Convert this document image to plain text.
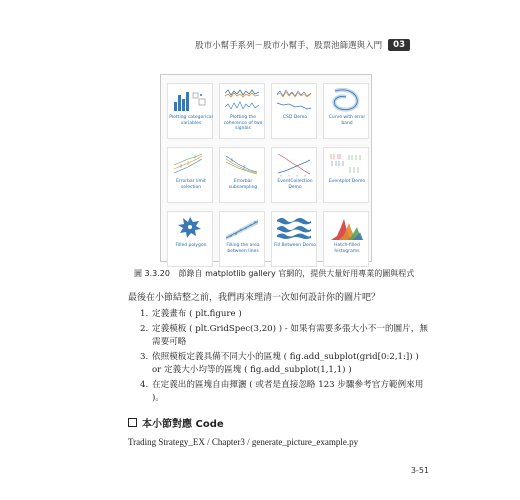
股市小幫手系列－股市小幫手，股票池篩選與入門	03
Plotting categorical variables
Plotting the coherence of two signals
CSD Demo	Curve with error band
Errorbar limit selection
Errorbar subsampling
EventCollection Demo
Eventplot Demo
Filled polygon	Filling the area between lines
Fill Between Demo	Hatch-filled histograms
圖 3.3.20 節錄自 matplotlib gallery 官網的，提供大量好用專業的圖與程式

最後在小節結整之前，我們再來理清一次如何設計你的圖片吧？

1. 定義畫布 ( plt.figure )
2. 定義模板 ( plt.GridSpec(3,20) ) - 如果有需要多張大小不一的圖片，無需要可略
3. 依照模板定義具備不同大小的區塊 ( fig.add_subplot(grid[0:2,1:]) ) or 定義大小均等的區塊 ( fig.add_subplot(1,1,1) )
4. 在定義出的區塊自由揮灑 ( 或者是直接忽略 123 步驟參考官方範例來用 )。
本小節對應 Code

Trading Strategy_EX / Chapter3 / generate_picture_example.py

3-51
